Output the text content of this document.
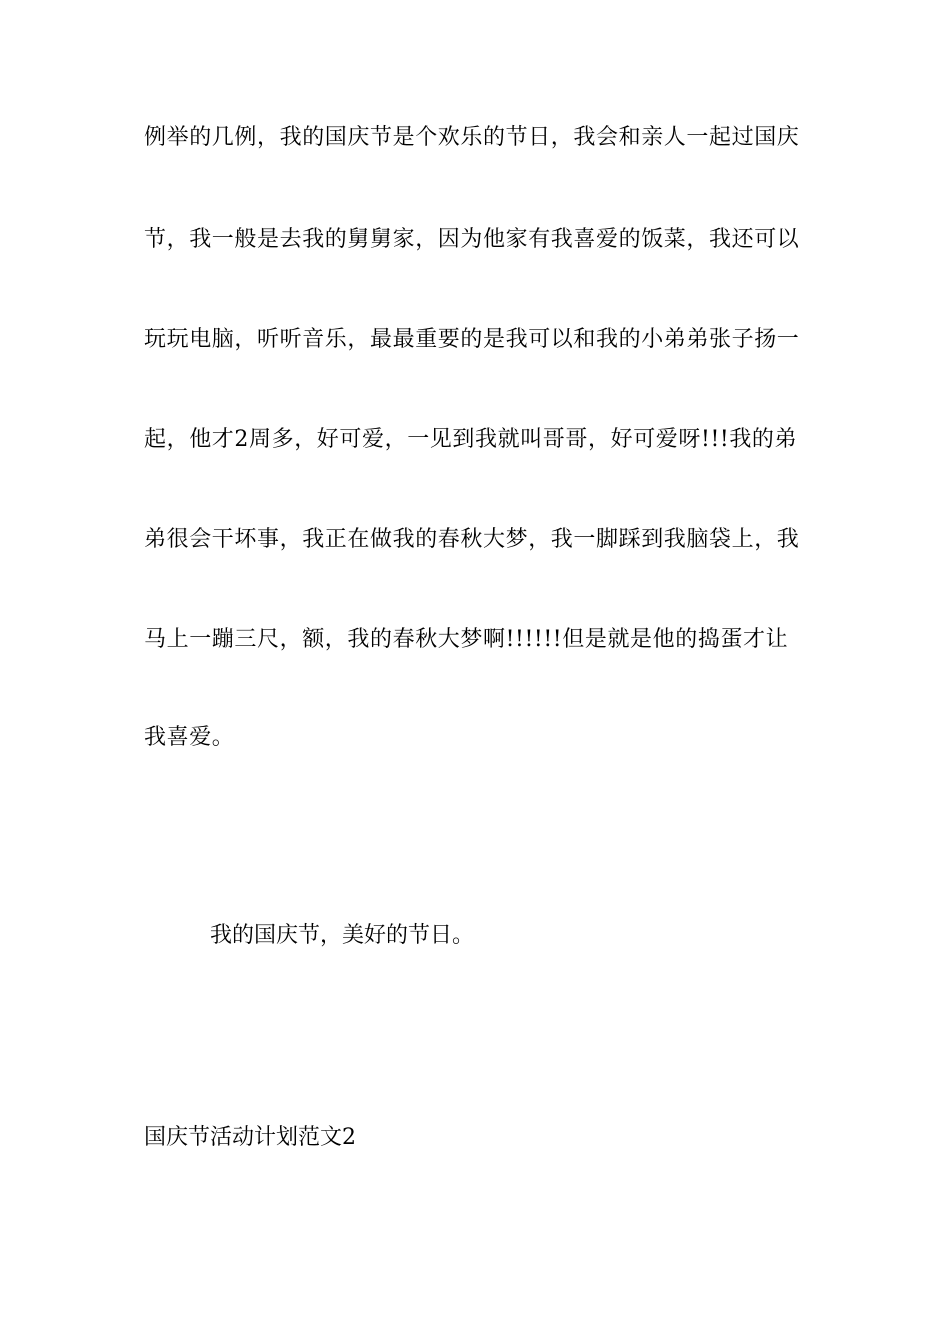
例举的几例，我的国庆节是个欢乐的节日，我会和亲人一起过国庆
节，我一般是去我的舅舅家，因为他家有我喜爱的饭菜，我还可以
玩玩电脑，听听音乐，最最重要的是我可以和我的小弟弟张子扬一
起，他才2周多，好可爱，一见到我就叫哥哥，好可爱呀!!!我的弟
弟很会干坏事，我正在做我的春秋大梦，我一脚踩到我脑袋上，我
马上一蹦三尺，额，我的春秋大梦啊!!!!!!但是就是他的捣蛋才让
我喜爱。
我的国庆节，美好的节日。
国庆节活动计划范文2
